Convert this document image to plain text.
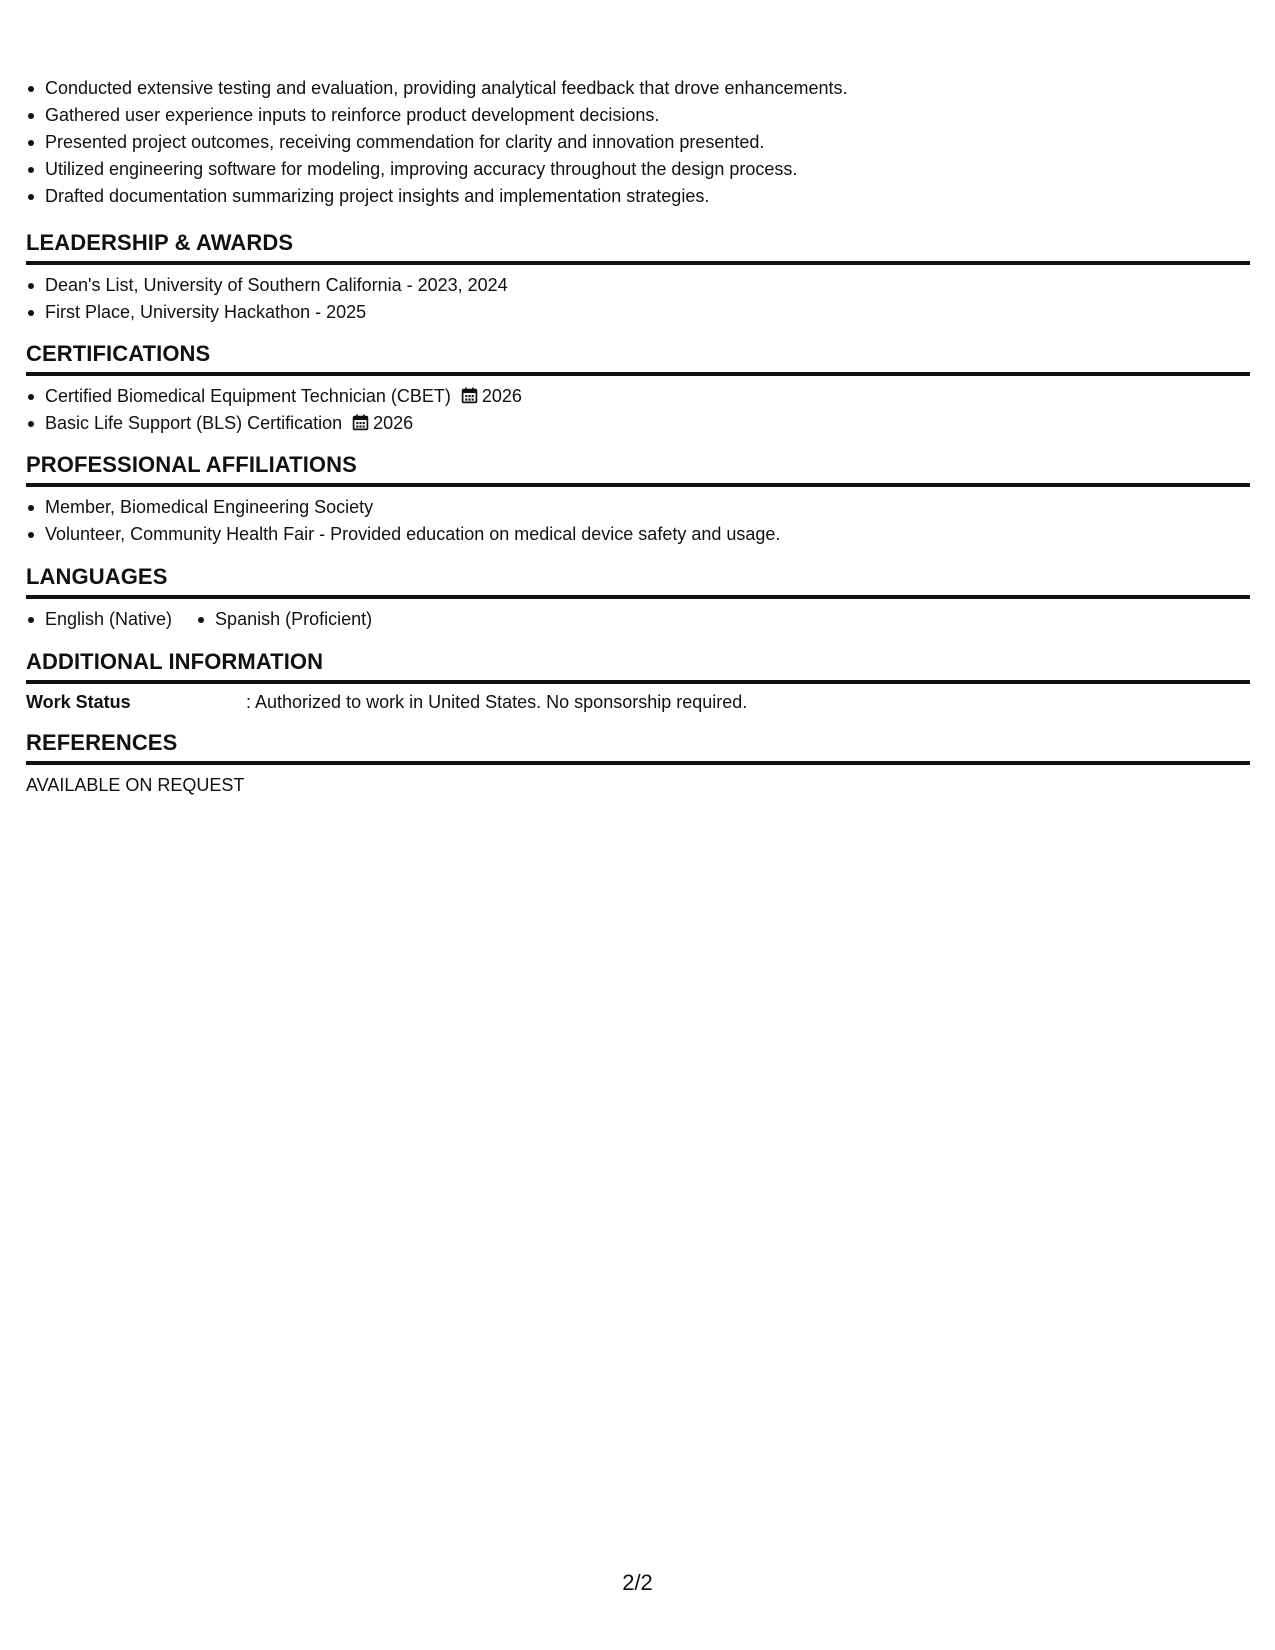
Conducted extensive testing and evaluation, providing analytical feedback that drove enhancements.
Gathered user experience inputs to reinforce product development decisions.
Presented project outcomes, receiving commendation for clarity and innovation presented.
Utilized engineering software for modeling, improving accuracy throughout the design process.
Drafted documentation summarizing project insights and implementation strategies.
LEADERSHIP & AWARDS
Dean's List, University of Southern California - 2023, 2024
First Place, University Hackathon - 2025
CERTIFICATIONS
Certified Biomedical Equipment Technician (CBET) 2026
Basic Life Support (BLS) Certification 2026
PROFESSIONAL AFFILIATIONS
Member, Biomedical Engineering Society
Volunteer, Community Health Fair - Provided education on medical device safety and usage.
LANGUAGES
English (Native)	Spanish (Proficient)
ADDITIONAL INFORMATION
Work Status	: Authorized to work in United States. No sponsorship required.
REFERENCES
AVAILABLE ON REQUEST
2/2
